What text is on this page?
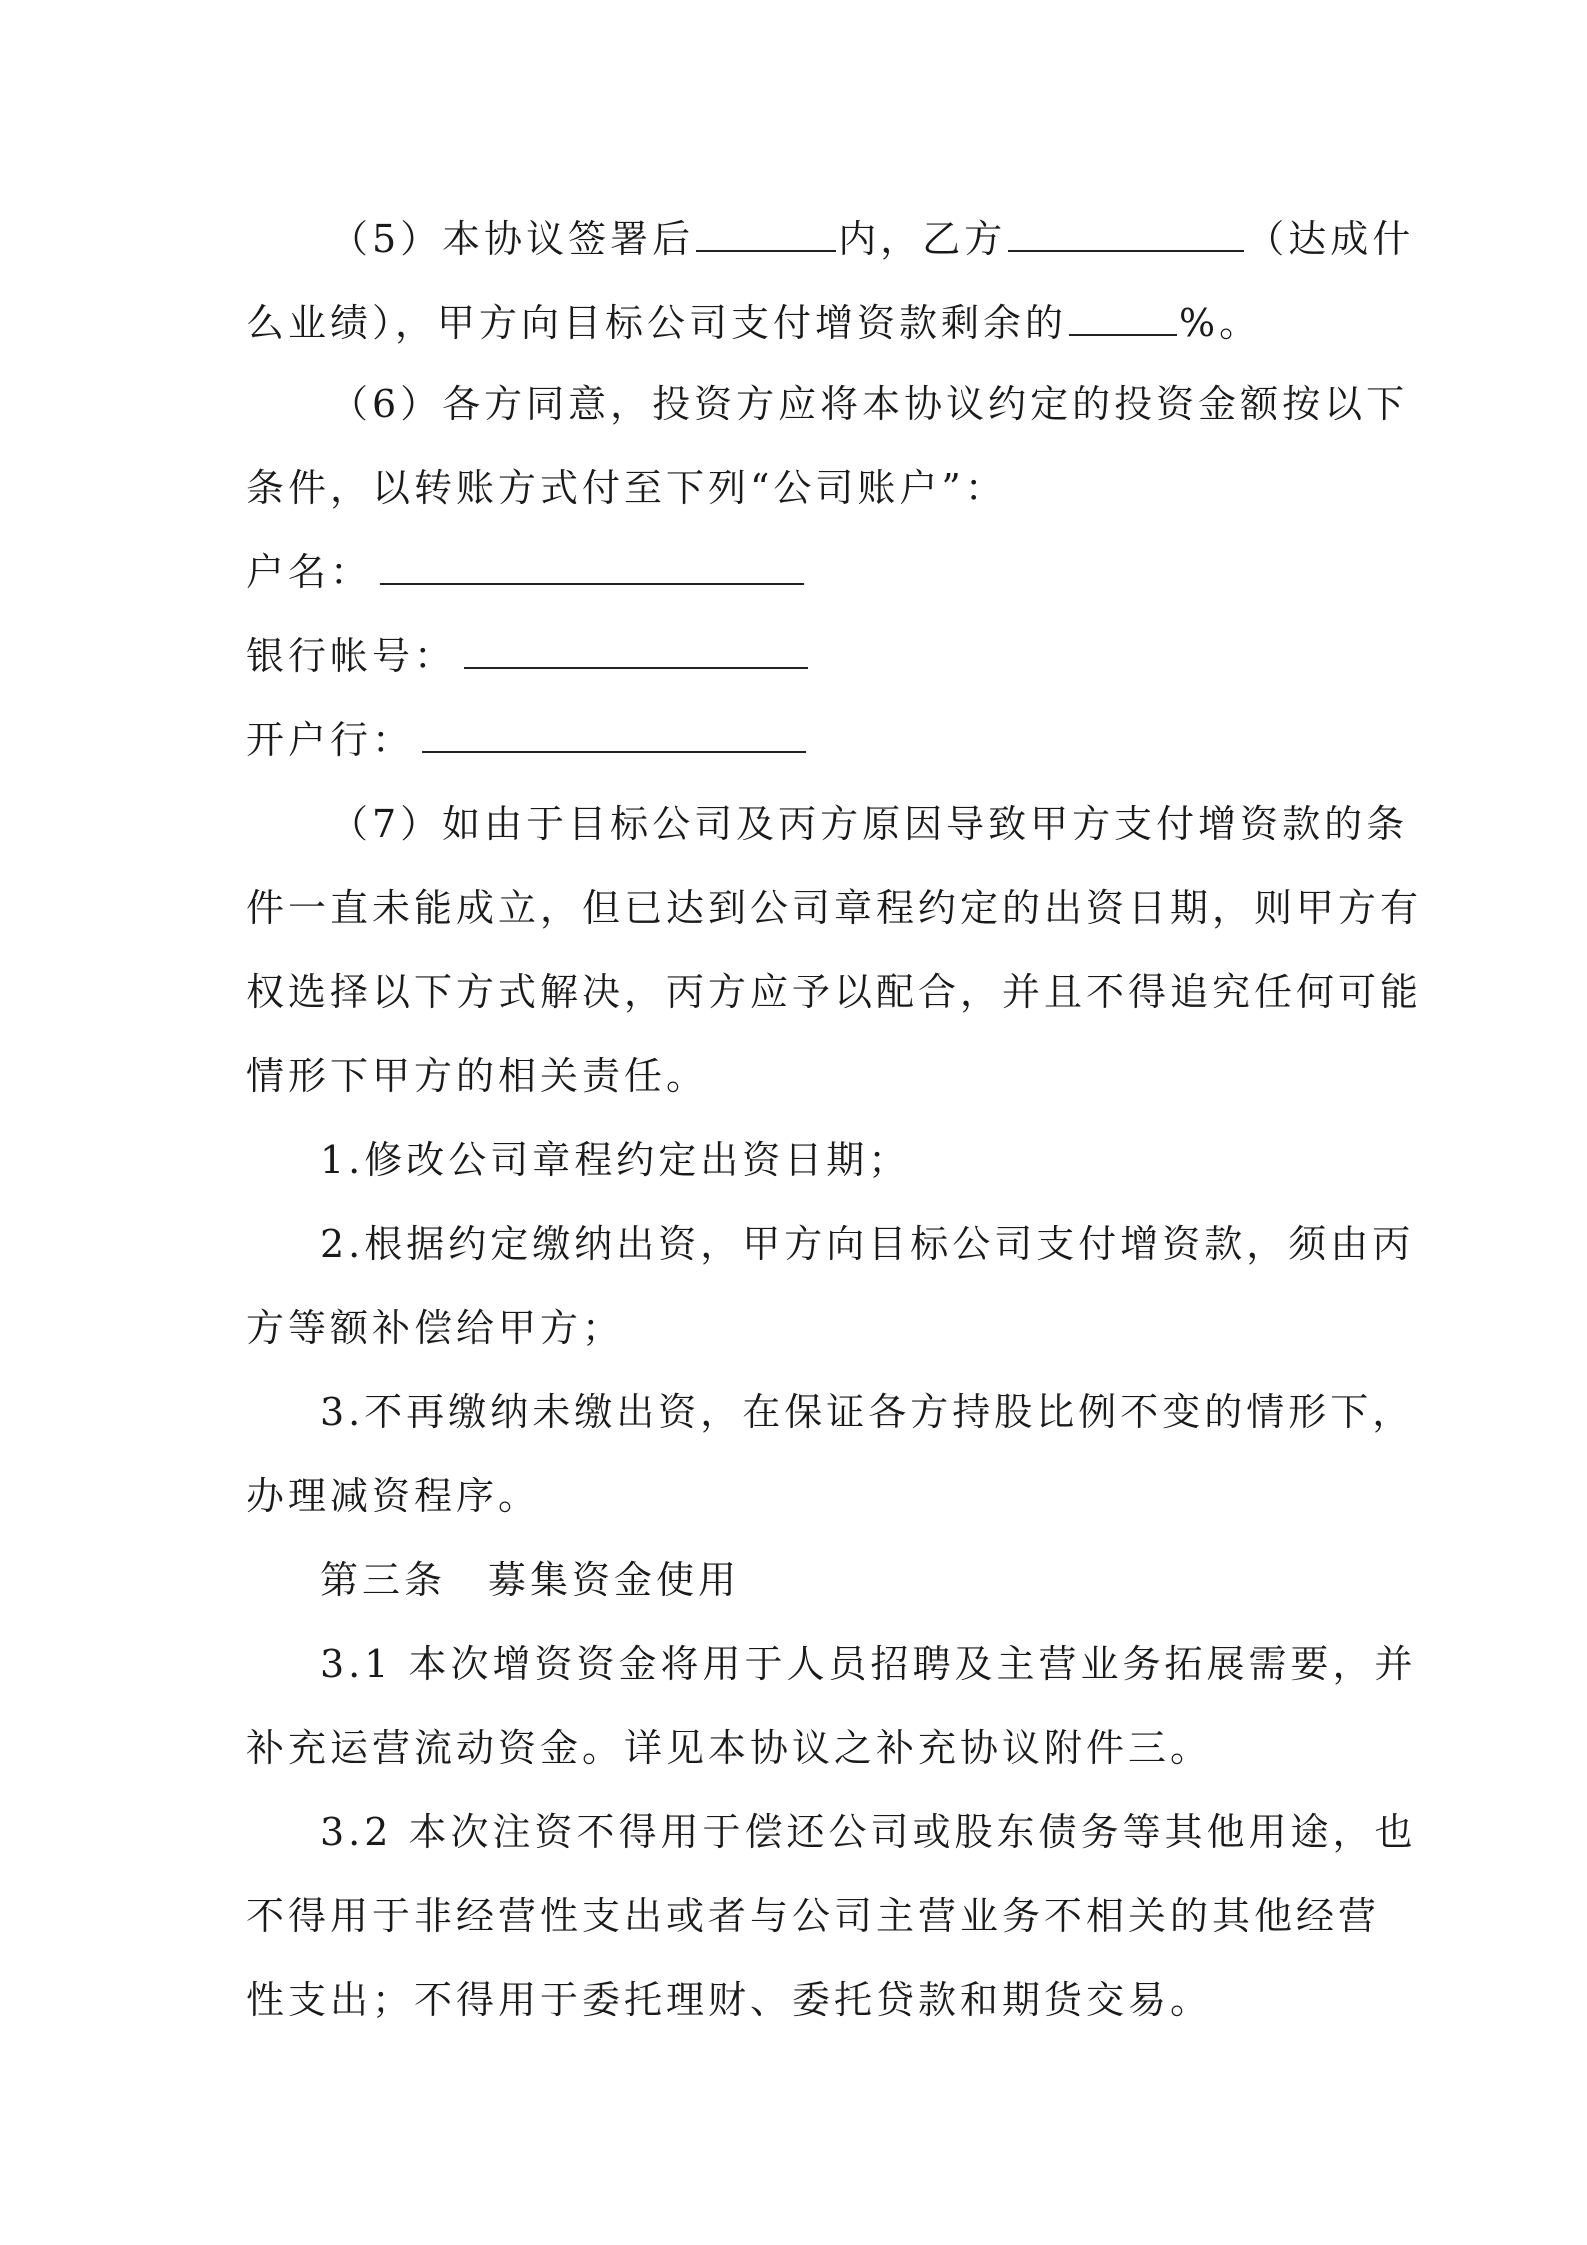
（5）本协议签署后	内，乙方	（达成什
么业绩），甲方向目标公司支付增资款剩余的	%。
（6）各方同意，投资方应将本协议约定的投资金额按以下
条件，以转账方式付至下列“公司账户”：
户名：
银行帐号：
开户行：
（7）如由于目标公司及丙方原因导致甲方支付增资款的条
件一直未能成立，但已达到公司章程约定的出资日期，则甲方有
权选择以下方式解决，丙方应予以配合，并且不得追究任何可能
情形下甲方的相关责任。
1.修改公司章程约定出资日期；
2.根据约定缴纳出资，甲方向目标公司支付增资款，须由丙
方等额补偿给甲方；
3.不再缴纳未缴出资，在保证各方持股比例不变的情形下，
办理减资程序。
第三条　募集资金使用
3.1 本次增资资金将用于人员招聘及主营业务拓展需要，并
补充运营流动资金。详见本协议之补充协议附件三。
3.2 本次注资不得用于偿还公司或股东债务等其他用途，也
不得用于非经营性支出或者与公司主营业务不相关的其他经营
性支出；不得用于委托理财、委托贷款和期货交易。
